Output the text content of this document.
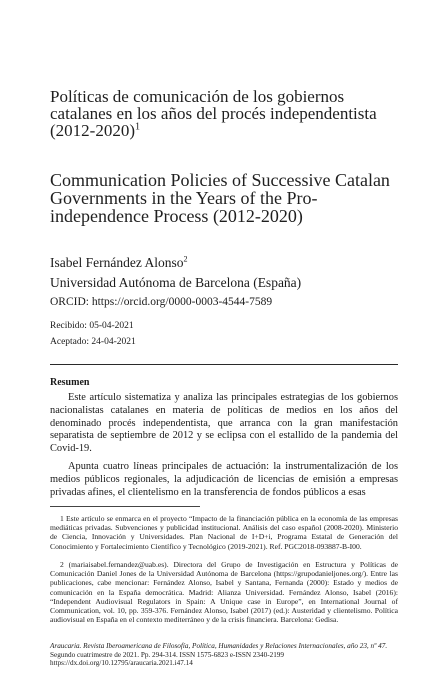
Políticas de comunicación de los gobiernos catalanes en los años del procés independentista (2012-2020)$^1$
Communication Policies of Successive Catalan Governments in the Years of the Pro-independence Process (2012-2020)
Isabel Fernández Alonso$^2$
Universidad Autónoma de Barcelona (España)
ORCID: https://orcid.org/0000-0003-4544-7589
Recibido: 05-04-2021
Aceptado: 24-04-2021
Resumen
Este artículo sistematiza y analiza las principales estrategias de los gobiernos nacionalistas catalanes en materia de políticas de medios en los años del denominado procés independentista, que arranca con la gran manifestación separatista de septiembre de 2012 y se eclipsa con el estallido de la pandemia del Covid-19.
Apunta cuatro líneas principales de actuación: la instrumentalización de los medios públicos regionales, la adjudicación de licencias de emisión a empresas privadas afines, el clientelismo en la transferencia de fondos públicos a esas
1 Este artículo se enmarca en el proyecto “Impacto de la financiación pública en la economía de las empresas mediáticas privadas. Subvenciones y publicidad institucional. Análisis del caso español (2008-2020). Ministerio de Ciencia, Innovación y Universidades. Plan Nacional de I+D+i, Programa Estatal de Generación del Conocimiento y Fortalecimiento Científico y Tecnológico (2019-2021). Ref. PGC2018-093887-B-I00.
2 (mariaisabel.fernandez@uab.es). Directora del Grupo de Investigación en Estructura y Políticas de Comunicación Daniel Jones de la Universidad Autónoma de Barcelona (https://grupodanieljones.org/). Entre las publicaciones, cabe mencionar: Fernández Alonso, Isabel y Santana, Fernanda (2000): Estado y medios de comunicación en la España democrática. Madrid: Alianza Universidad. Fernández Alonso, Isabel (2016): “Independent Audiovisual Regulators in Spain: A Unique case in Europe”, en International Journal of Communication, vol. 10, pp. 359-376. Fernández Alonso, Isabel (2017) (ed.): Austeridad y clientelismo. Política audiovisual en España en el contexto mediterráneo y de la crisis financiera. Barcelona: Gedisa.
Araucaria. Revista Iberoamericana de Filosofía, Política, Humanidades y Relaciones Internacionales, año 23, nº 47.
Segundo cuatrimestre de 2021. Pp. 294-314. ISSN 1575-6823 e-ISSN 2340-2199 https://dx.doi.org/10.12795/araucaria.2021.i47.14
